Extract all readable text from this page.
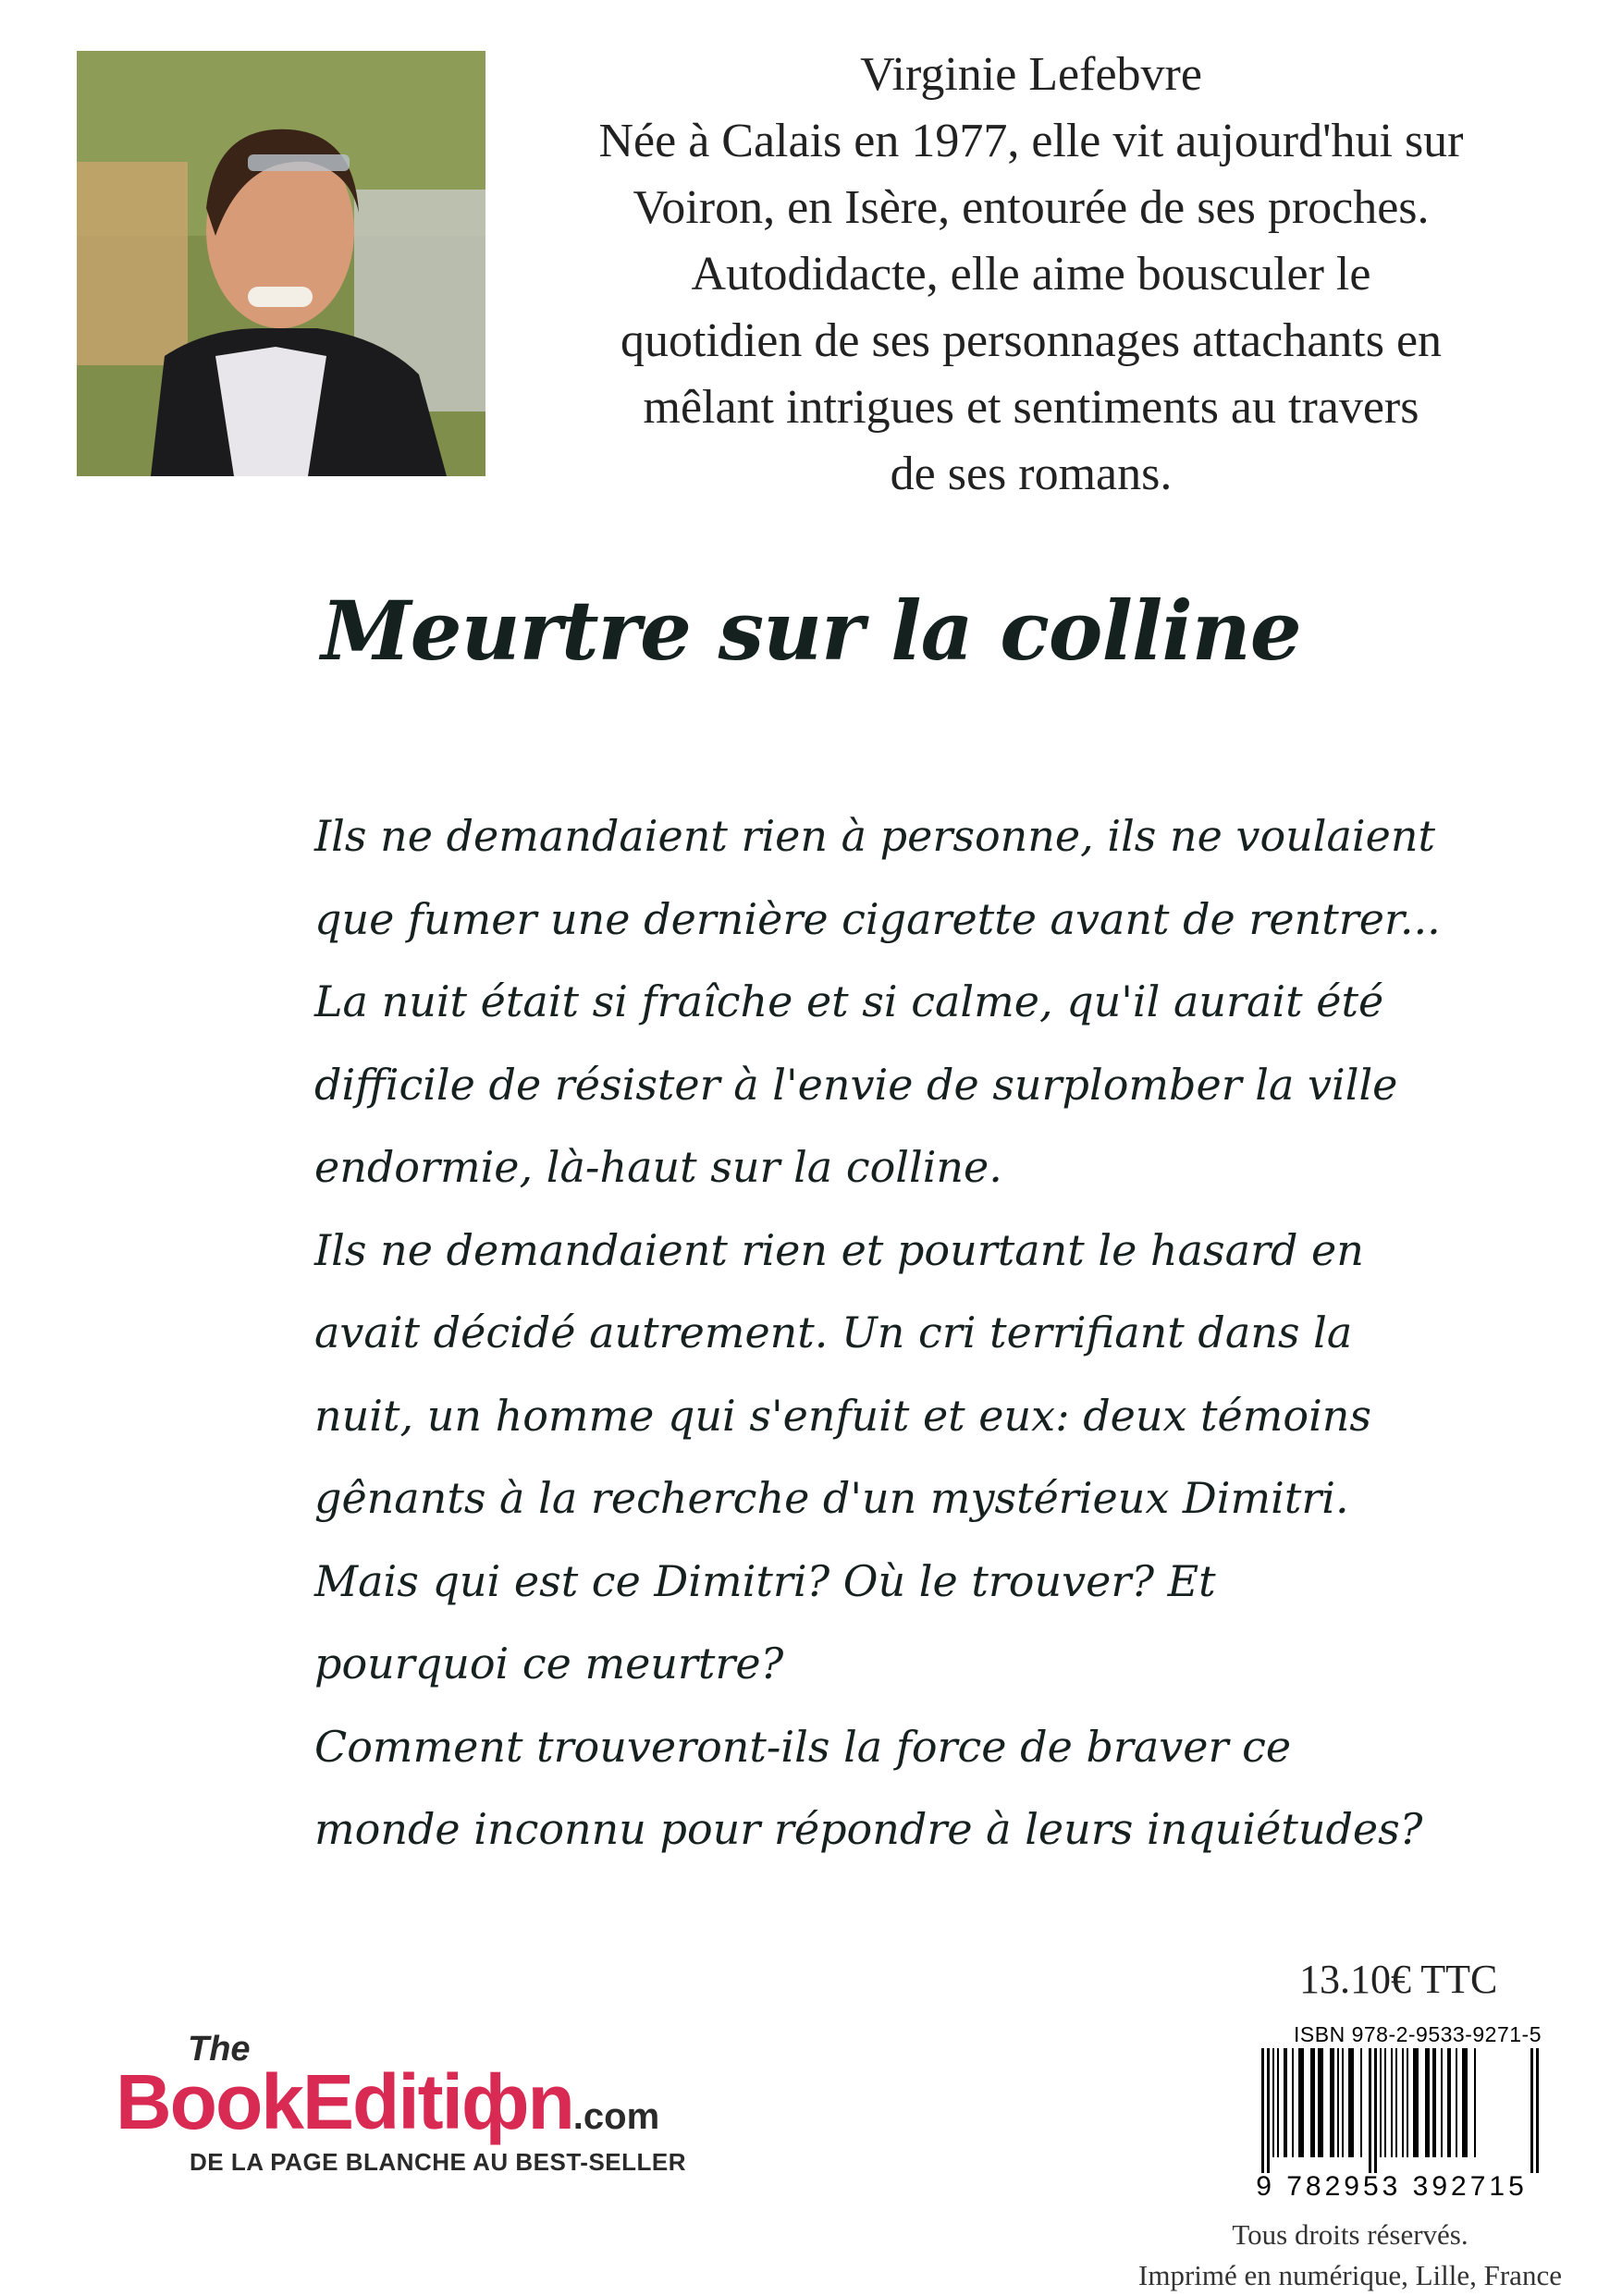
Virginie Lefebvre
Née à Calais en 1977, elle vit aujourd'hui sur
Voiron, en Isère, entourée de ses proches.
Autodidacte, elle aime bousculer le
quotidien de ses personnages attachants en
mêlant intrigues et sentiments au travers
de ses romans.
Meurtre sur la colline
Ils ne demandaient rien à personne, ils ne voulaient
que fumer une dernière cigarette avant de rentrer...
La nuit était si fraîche et si calme, qu'il aurait été
difficile de résister à l'envie de surplomber la ville
endormie, là-haut sur la colline.
Ils ne demandaient rien et pourtant le hasard en
avait décidé autrement. Un cri terrifiant dans la
nuit, un homme qui s'enfuit et eux: deux témoins
gênants à la recherche d'un mystérieux Dimitri.
Mais qui est ce Dimitri? Où le trouver? Et
pourquoi ce meurtre?
Comment trouveront-ils la force de braver ce
monde inconnu pour répondre à leurs inquiétudes?
The
BookEditiфn.com
DE LA PAGE BLANCHE AU BEST-SELLER
13.10€ TTC
ISBN 978-2-9533-9271-5
9 782953 392715
Tous droits réservés.
Imprimé en numérique, Lille, France
